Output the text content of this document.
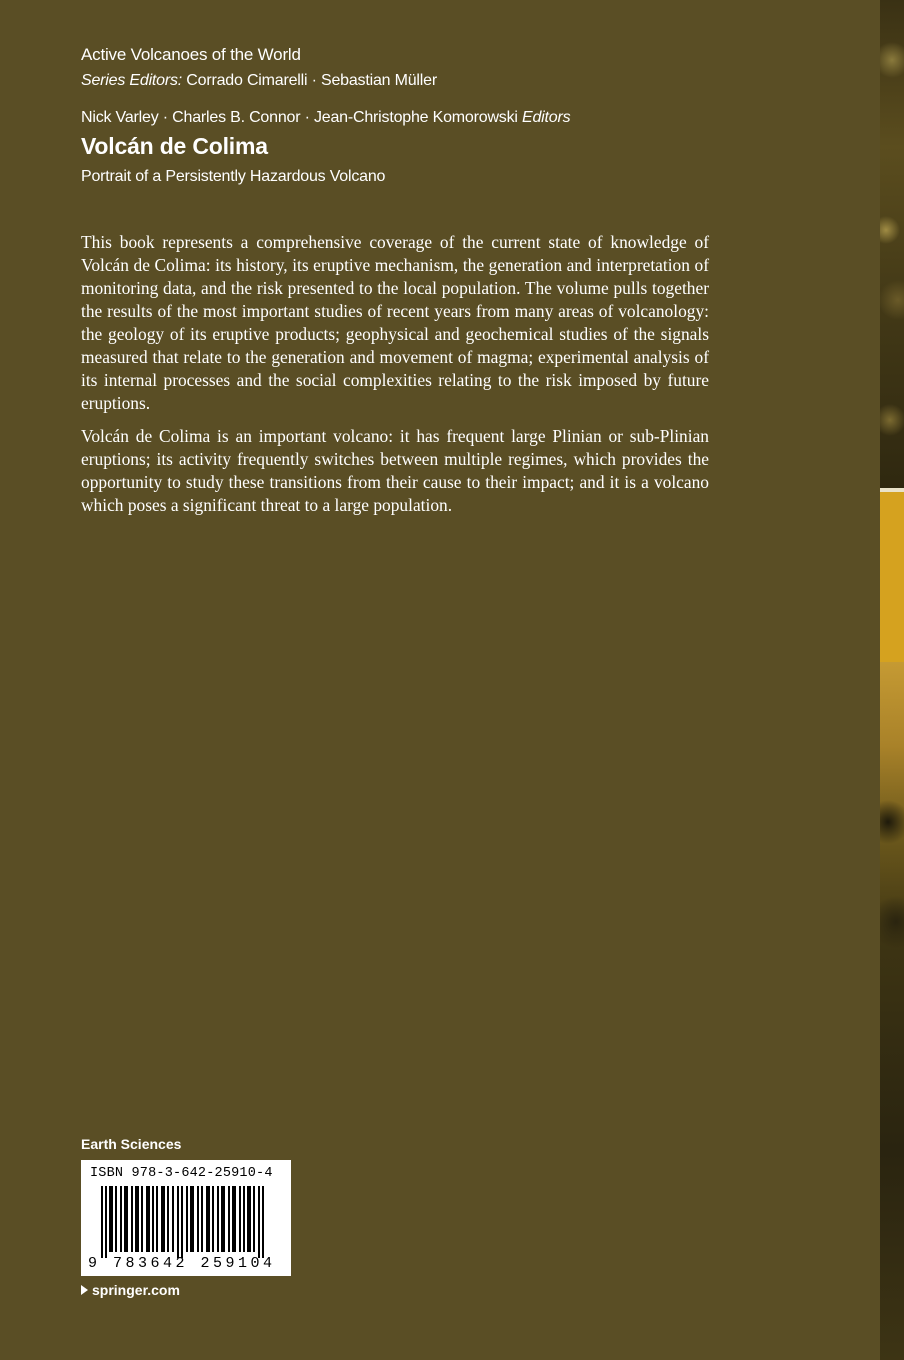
Active Volcanoes of the World
Series Editors: Corrado Cimarelli · Sebastian Müller
Nick Varley · Charles B. Connor · Jean-Christophe Komorowski Editors
Volcán de Colima
Portrait of a Persistently Hazardous Volcano

This book represents a comprehensive coverage of the current state of knowledge of Volcán de Colima: its history, its eruptive mechanism, the generation and interpretation of monitoring data, and the risk presented to the local population. The volume pulls together the results of the most important studies of recent years from many areas of volcanology: the geology of its eruptive products; geophysical and geochemical studies of the signals measured that relate to the generation and movement of magma; experimental analysis of its internal processes and the social complexities relating to the risk imposed by future eruptions.

Volcán de Colima is an important volcano: it has frequent large Plinian or sub-Plinian eruptions; its activity frequently switches between multiple regimes, which provides the opportunity to study these transitions from their cause to their impact; and it is a volcano which poses a significant threat to a large population.

Earth Sciences
ISBN 978-3-642-25910-4
9 783642 259104
springer.com
